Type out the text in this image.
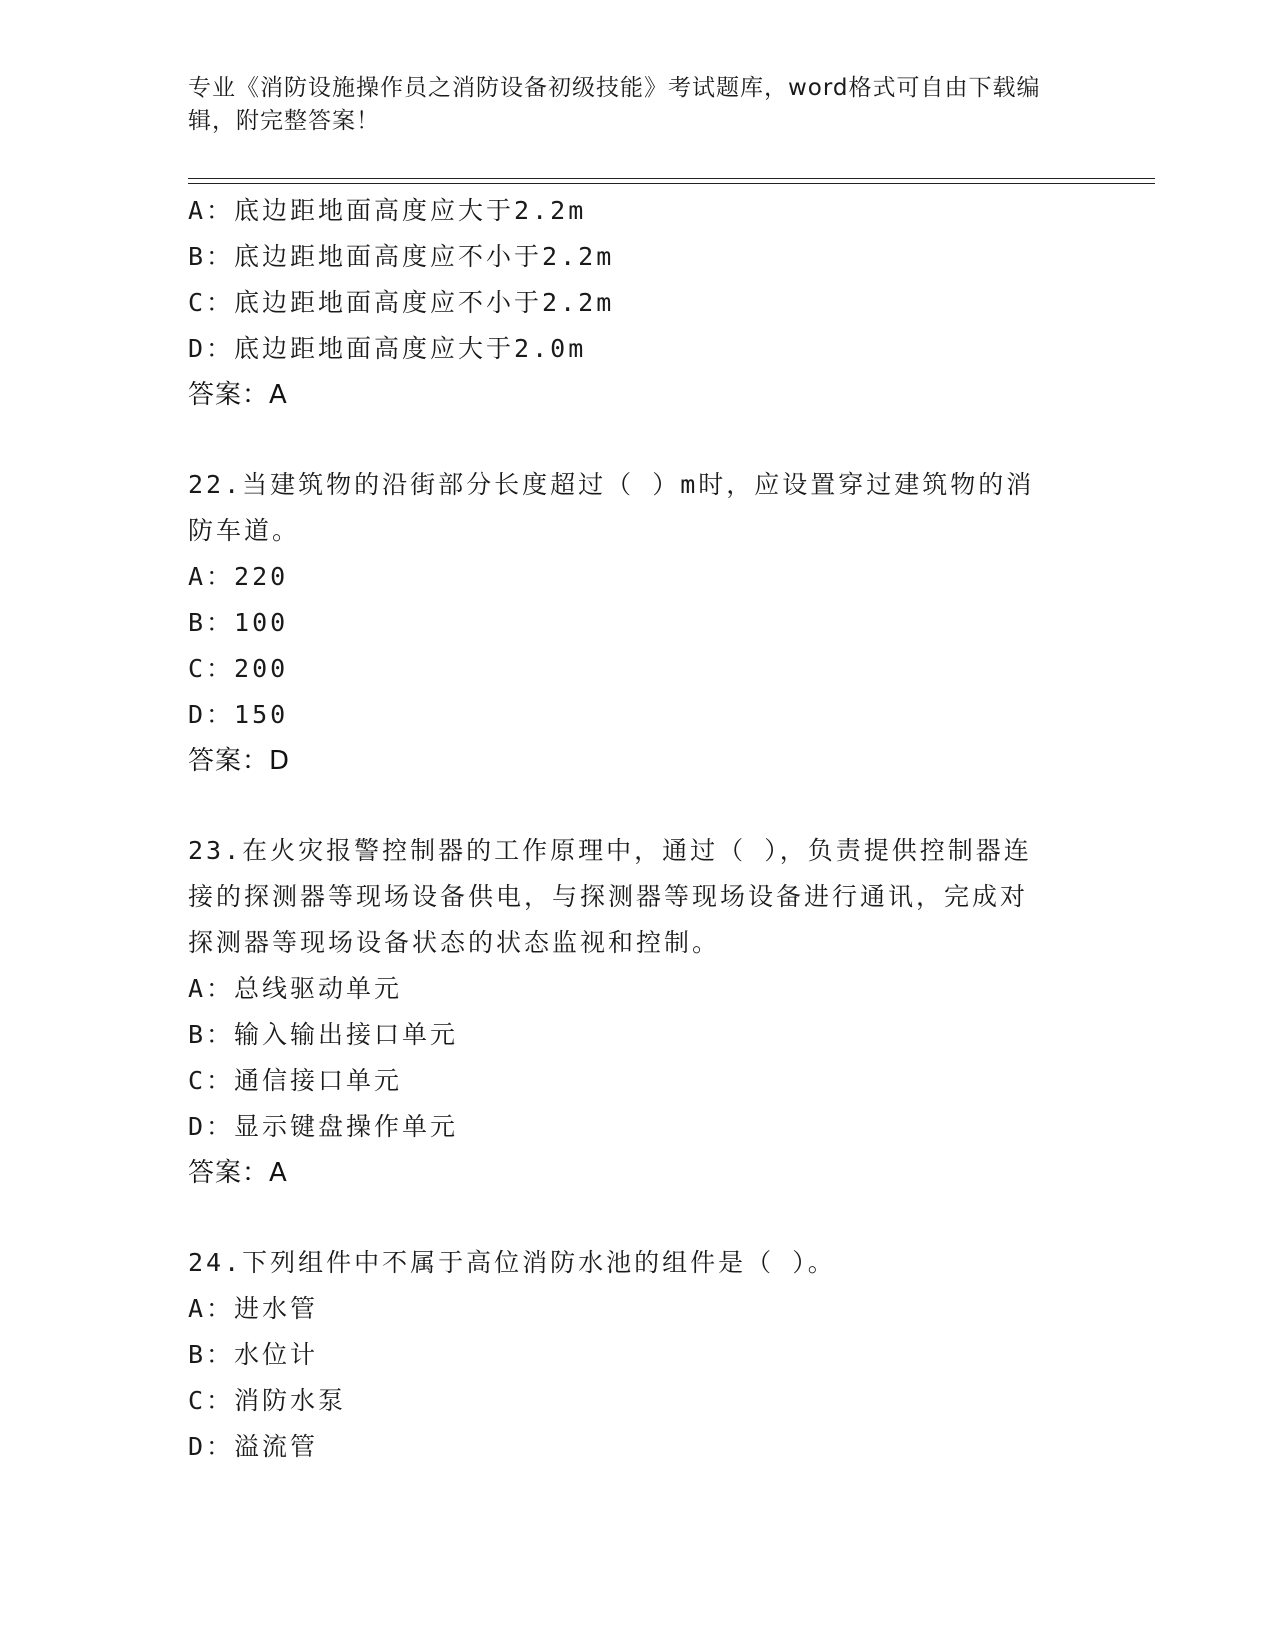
专业《消防设施操作员之消防设备初级技能》考试题库，word格式可自由下载编辑，附完整答案！
A：底边距地面高度应大于2.2m
B：底边距地面高度应不小于2.2m
C：底边距地面高度应不小于2.2m
D：底边距地面高度应大于2.0m
答案：A
22.当建筑物的沿街部分长度超过（ ）m时，应设置穿过建筑物的消
防车道。
A：220
B：100
C：200
D：150
答案：D
23.在火灾报警控制器的工作原理中，通过（ ），负责提供控制器连
接的探测器等现场设备供电，与探测器等现场设备进行通讯，完成对
探测器等现场设备状态的状态监视和控制。
A：总线驱动单元
B：输入输出接口单元
C：通信接口单元
D：显示键盘操作单元
答案：A
24.下列组件中不属于高位消防水池的组件是（ ）。
A：进水管
B：水位计
C：消防水泵
D：溢流管
